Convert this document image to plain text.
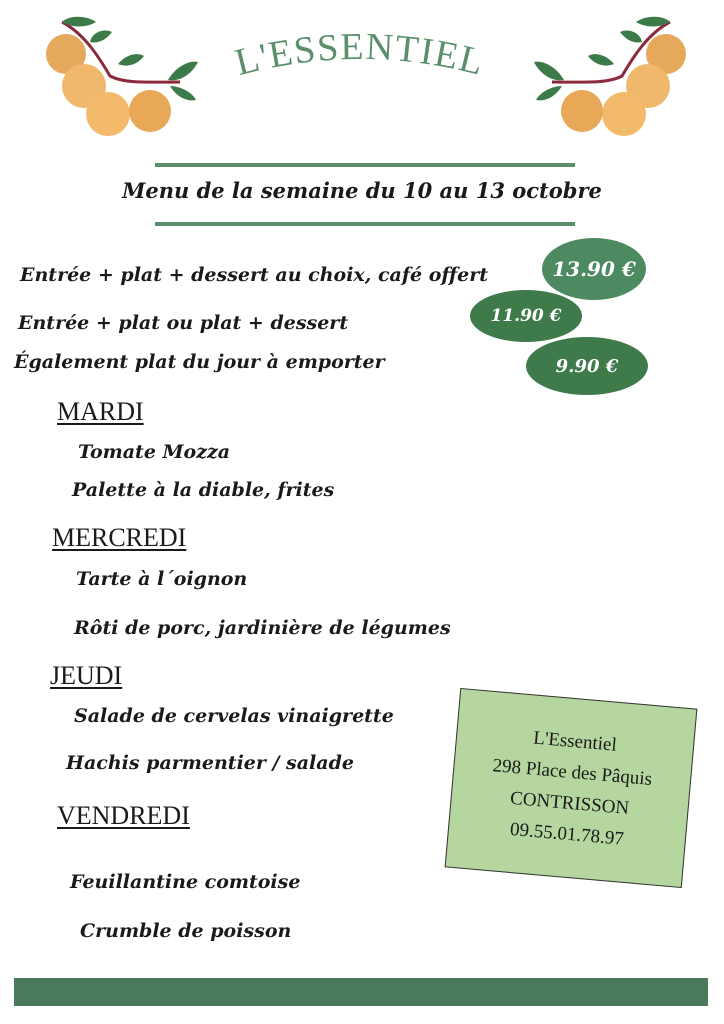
L'ESSENTIEL
Menu de la semaine du 10 au 13 octobre
Entrée + plat + dessert au choix, café offert
Entrée + plat ou plat + dessert
Également plat du jour à emporter
13.90 €
11.90 €
9.90 €
MARDI
Tomate Mozza
Palette à la diable, frites
MERCREDI
Tarte à l´oignon
Rôti de porc, jardinière de légumes
JEUDI
Salade de cervelas vinaigrette
Hachis parmentier / salade
VENDREDI
Feuillantine comtoise
Crumble de poisson
L'Essentiel
298 Place des Pâquis
CONTRISSON
09.55.01.78.97
